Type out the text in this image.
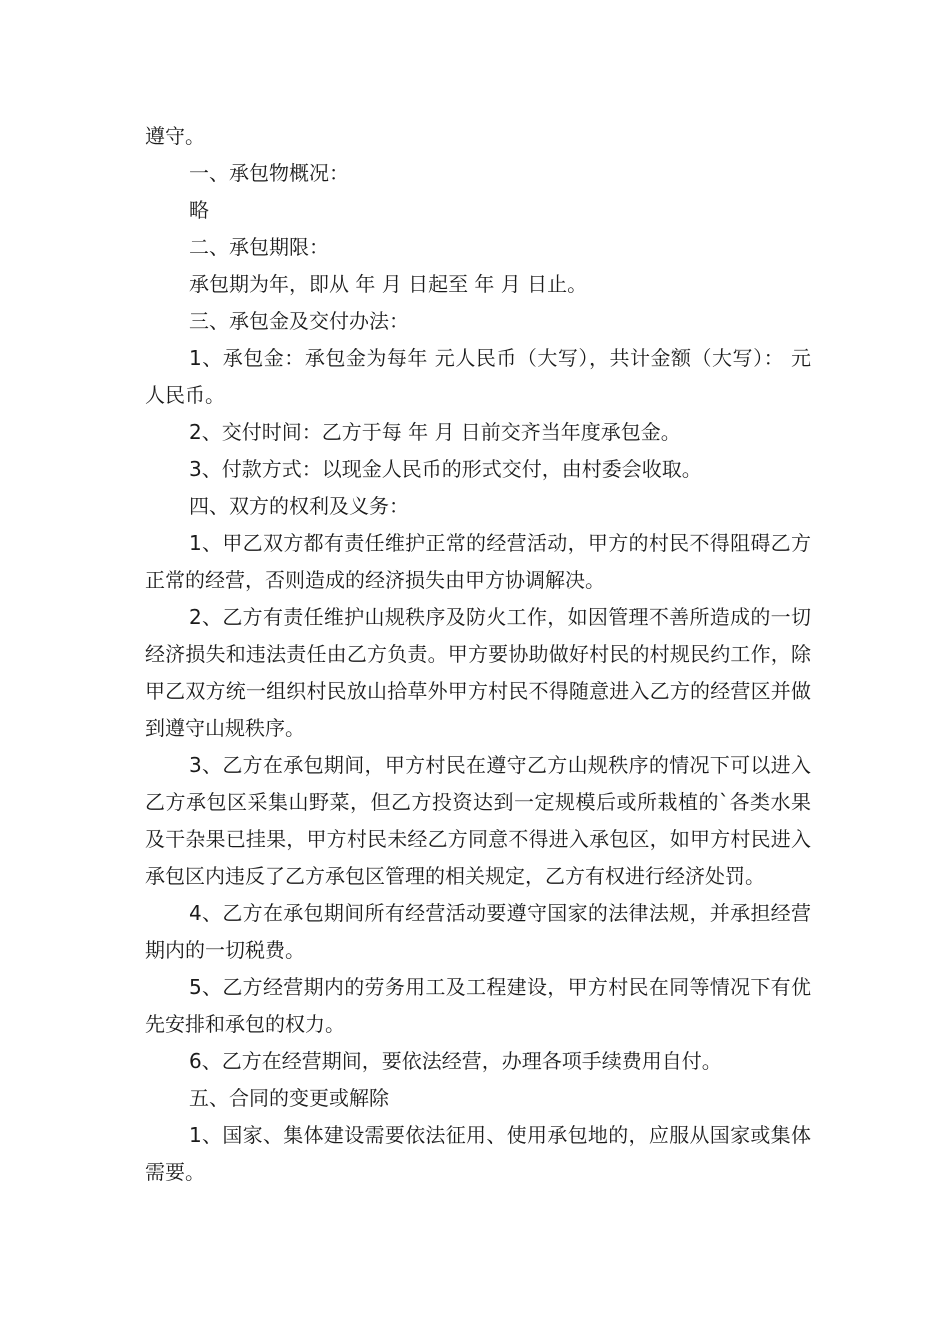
遵守。

一、承包物概况：

略

二、承包期限：

承包期为年，即从 年 月 日起至 年 月 日止。

三、承包金及交付办法：

1、承包金：承包金为每年 元人民币（大写），共计金额（大写）： 元人民币。

2、交付时间：乙方于每 年 月 日前交齐当年度承包金。

3、付款方式：以现金人民币的形式交付，由村委会收取。

四、双方的权利及义务：

1、甲乙双方都有责任维护正常的经营活动，甲方的村民不得阻碍乙方正常的经营，否则造成的经济损失由甲方协调解决。

2、乙方有责任维护山规秩序及防火工作，如因管理不善所造成的一切经济损失和违法责任由乙方负责。甲方要协助做好村民的村规民约工作，除甲乙双方统一组织村民放山拾草外甲方村民不得随意进入乙方的经营区并做到遵守山规秩序。

3、乙方在承包期间，甲方村民在遵守乙方山规秩序的情况下可以进入乙方承包区采集山野菜，但乙方投资达到一定规模后或所栽植的`各类水果及干杂果已挂果，甲方村民未经乙方同意不得进入承包区，如甲方村民进入承包区内违反了乙方承包区管理的相关规定，乙方有权进行经济处罚。

4、乙方在承包期间所有经营活动要遵守国家的法律法规，并承担经营期内的一切税费。

5、乙方经营期内的劳务用工及工程建设，甲方村民在同等情况下有优先安排和承包的权力。

6、乙方在经营期间，要依法经营，办理各项手续费用自付。

五、合同的变更或解除

1、国家、集体建设需要依法征用、使用承包地的，应服从国家或集体需要。
